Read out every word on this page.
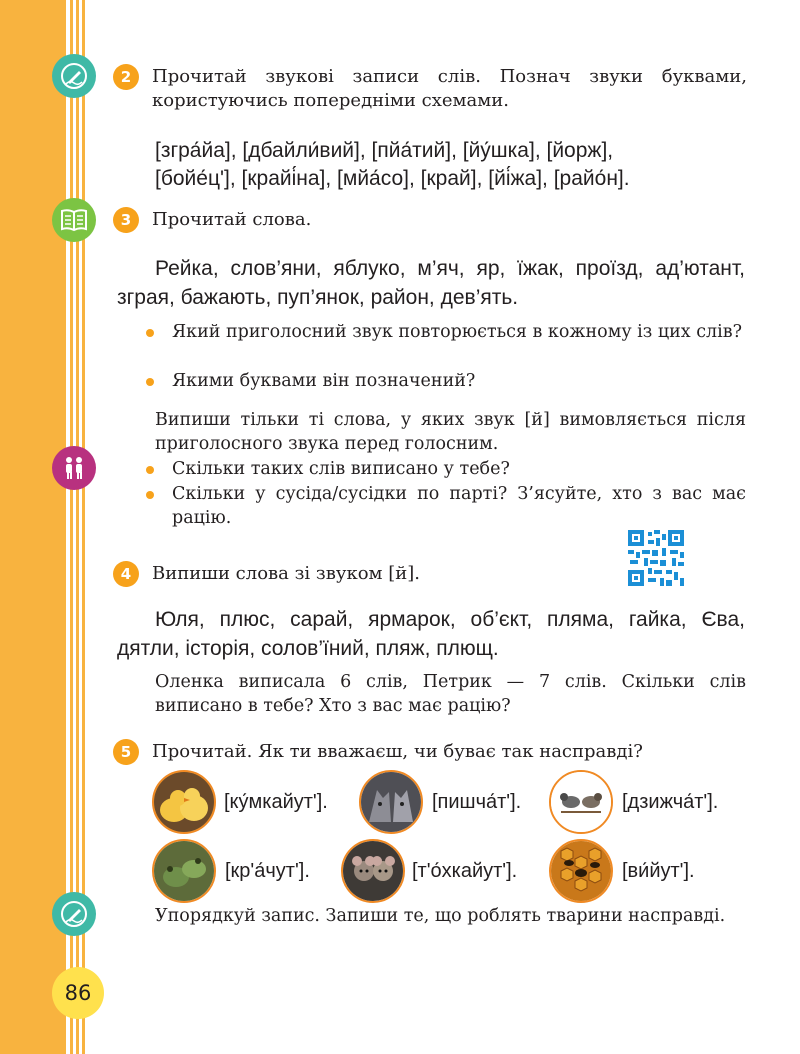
2	Прочитай звукові записи слів. Познач звуки буквами, користуючись попередніми схемами.
[згра́йа], [дбайли́вий], [пйа́тий], [йу́шка], [йорж],
[бойе́ц'], [крайі́на], [мйа́со], [край], [йі́жа], [райо́н].
3	Прочитай слова.
Рейка, слов’яни, яблуко, м’яч, яр, їжак, проїзд, ад’ютант, зграя, бажають, пуп’янок, район, дев’ять.
Який приголосний звук повторюється в кожному із цих слів?
Якими буквами він позначений?
Випиши тільки ті слова, у яких звук [й] вимовляється після приголосного звука перед голосним.
Скільки таких слів виписано у тебе?
Скільки у сусіда/сусідки по парті? З’ясуйте, хто з вас має рацію.
4	Випиши слова зі звуком [й].
Юля, плюс, сарай, ярмарок, об’єкт, пляма, гайка, Єва, дятли, історія, солов’їний, пляж, плющ.
Оленка виписала 6 слів, Петрик — 7 слів. Скільки слів виписано в тебе? Хто з вас має рацію?
5	Прочитай. Як ти вважаєш, чи буває так насправді?
[ку́мкайут'].	[пишча́т'].	[дзижча́т'].
[кр'а́чут'].	[т'о́хкайут'].	[ви́йут'].
Упорядкуй запис. Запиши те, що роблять тварини насправді.
86
